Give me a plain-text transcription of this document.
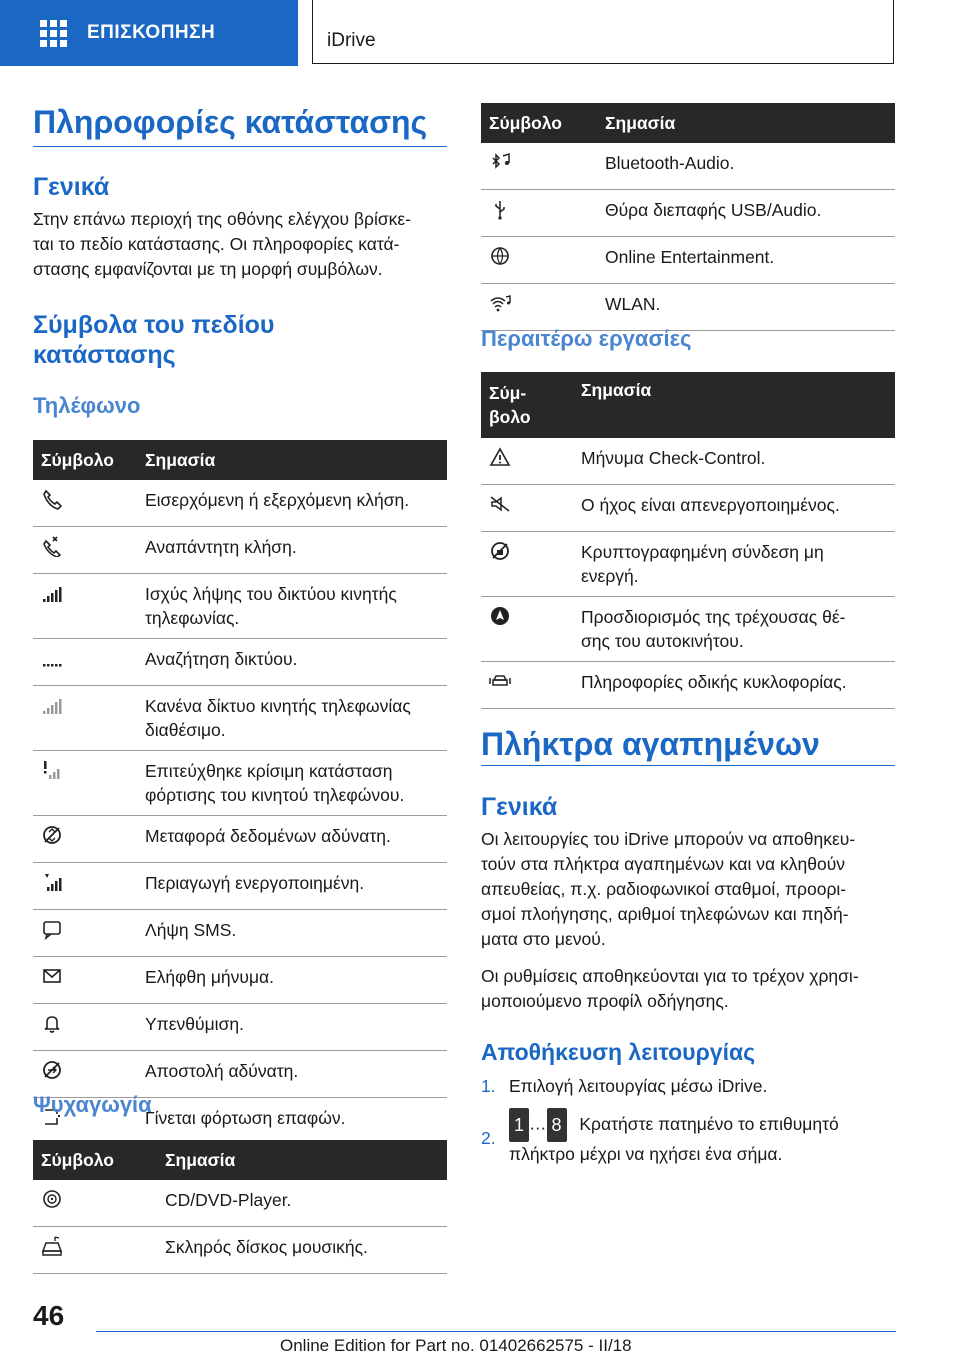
ΕΠΙΣΚΟΠΗΣΗ	iDrive
Πληροφορίες κατάστασης
Γενικά
Στην επάνω περιοχή της οθόνης ελέγχου βρίσκε-
ται το πεδίο κατάστασης. Οι πληροφορίες κατά-
στασης εμφανίζονται με τη μορφή συμβόλων.
Σύμβολα του πεδίου
κατάστασης
Τηλέφωνο
Σύμβολο	Σημασία

Εισερχόμενη ή εξερχόμενη κλήση.

Αναπάντητη κλήση.

Ισχύς λήψης του δικτύου κινητής
τηλεφωνίας.

Αναζήτηση δικτύου.

Κανένα δίκτυο κινητής τηλεφωνίας
διαθέσιμο.

Επιτεύχθηκε κρίσιμη κατάσταση
φόρτισης του κινητού τηλεφώνου.

Μεταφορά δεδομένων αδύνατη.

Περιαγωγή ενεργοποιημένη.

Λήψη SMS.

Ελήφθη μήνυμα.

Υπενθύμιση.

Αποστολή αδύνατη.

Γίνεται φόρτωση επαφών.
Ψυχαγωγία
Σύμβολο	Σημασία

CD/DVD-Player.

Σκληρός δίσκος μουσικής.
Σύμβολο	Σημασία

Bluetooth-Audio.

Θύρα διεπαφής USB/Audio.

Online Entertainment.

WLAN.
Περαιτέρω εργασίες
Σύμ-
βολο	Σημασία

Μήνυμα Check-Control.

Ο ήχος είναι απενεργοποιημένος.

Κρυπτογραφημένη σύνδεση μη
ενεργή.

Προσδιορισμός της τρέχουσας θέ-
σης του αυτοκινήτου.

Πληροφορίες οδικής κυκλοφορίας.
Πλήκτρα αγαπημένων
Γενικά
Οι λειτουργίες του iDrive μπορούν να αποθηκευ-
τούν στα πλήκτρα αγαπημένων και να κληθούν
απευθείας, π.χ. ραδιοφωνικοί σταθμοί, προορι-
σμοί πλοήγησης, αριθμοί τηλεφώνων και πηδή-
ματα στο μενού.
Οι ρυθμίσεις αποθηκεύονται για το τρέχον χρησι-
μοποιούμενο προφίλ οδήγησης.
Αποθήκευση λειτουργίας
1. Επιλογή λειτουργίας μέσω iDrive.
2.
1 … 8 Κρατήστε πατημένο το επιθυμητό
πλήκτρο μέχρι να ηχήσει ένα σήμα.
46
Online Edition for Part no. 01402662575 - II/18
